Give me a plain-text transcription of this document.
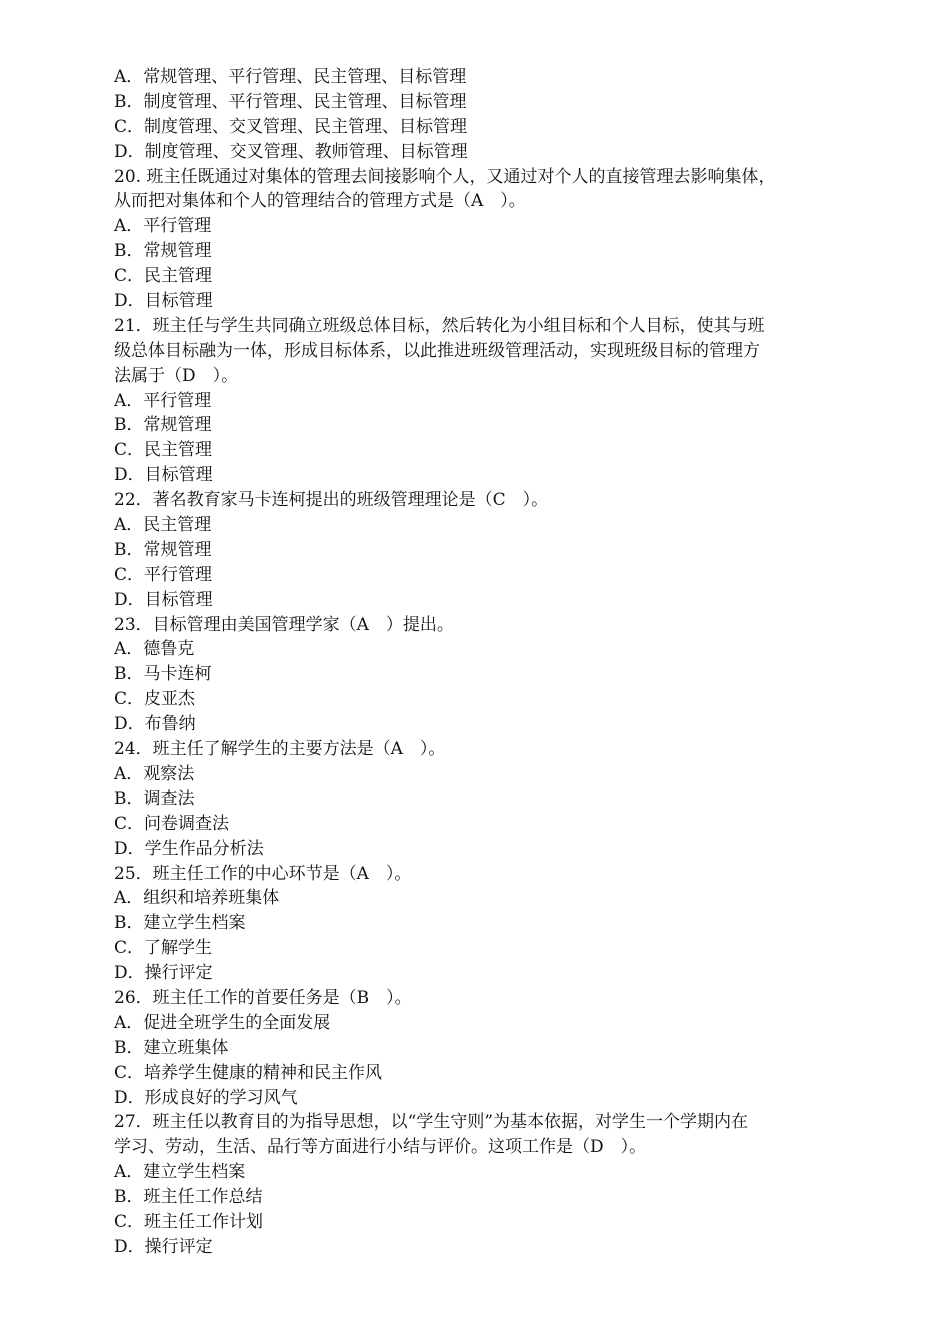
A．常规管理、平行管理、民主管理、目标管理
B．制度管理、平行管理、民主管理、目标管理
C．制度管理、交叉管理、民主管理、目标管理
D．制度管理、交叉管理、教师管理、目标管理
20. 班主任既通过对集体的管理去间接影响个人，又通过对个人的直接管理去影响集体，
从而把对集体和个人的管理结合的管理方式是（A　）。
A．平行管理
B．常规管理
C．民主管理
D．目标管理
21．班主任与学生共同确立班级总体目标，然后转化为小组目标和个人目标，使其与班
级总体目标融为一体，形成目标体系，以此推进班级管理活动，实现班级目标的管理方
法属于（D　）。
A．平行管理
B．常规管理
C．民主管理
D．目标管理
22．著名教育家马卡连柯提出的班级管理理论是（C　）。
A．民主管理
B．常规管理
C．平行管理
D．目标管理
23．目标管理由美国管理学家（A　）提出。
A．德鲁克
B．马卡连柯
C．皮亚杰
D．布鲁纳
24．班主任了解学生的主要方法是（A　）。
A．观察法
B．调查法
C．问卷调查法
D．学生作品分析法
25．班主任工作的中心环节是（A　）。
A．组织和培养班集体
B．建立学生档案
C．了解学生
D．操行评定
26．班主任工作的首要任务是（B　）。
A．促进全班学生的全面发展
B．建立班集体
C．培养学生健康的精神和民主作风
D．形成良好的学习风气
27．班主任以教育目的为指导思想，以“学生守则”为基本依据，对学生一个学期内在
学习、劳动，生活、品行等方面进行小结与评价。这项工作是（D　）。
A．建立学生档案
B．班主任工作总结
C．班主任工作计划
D．操行评定
